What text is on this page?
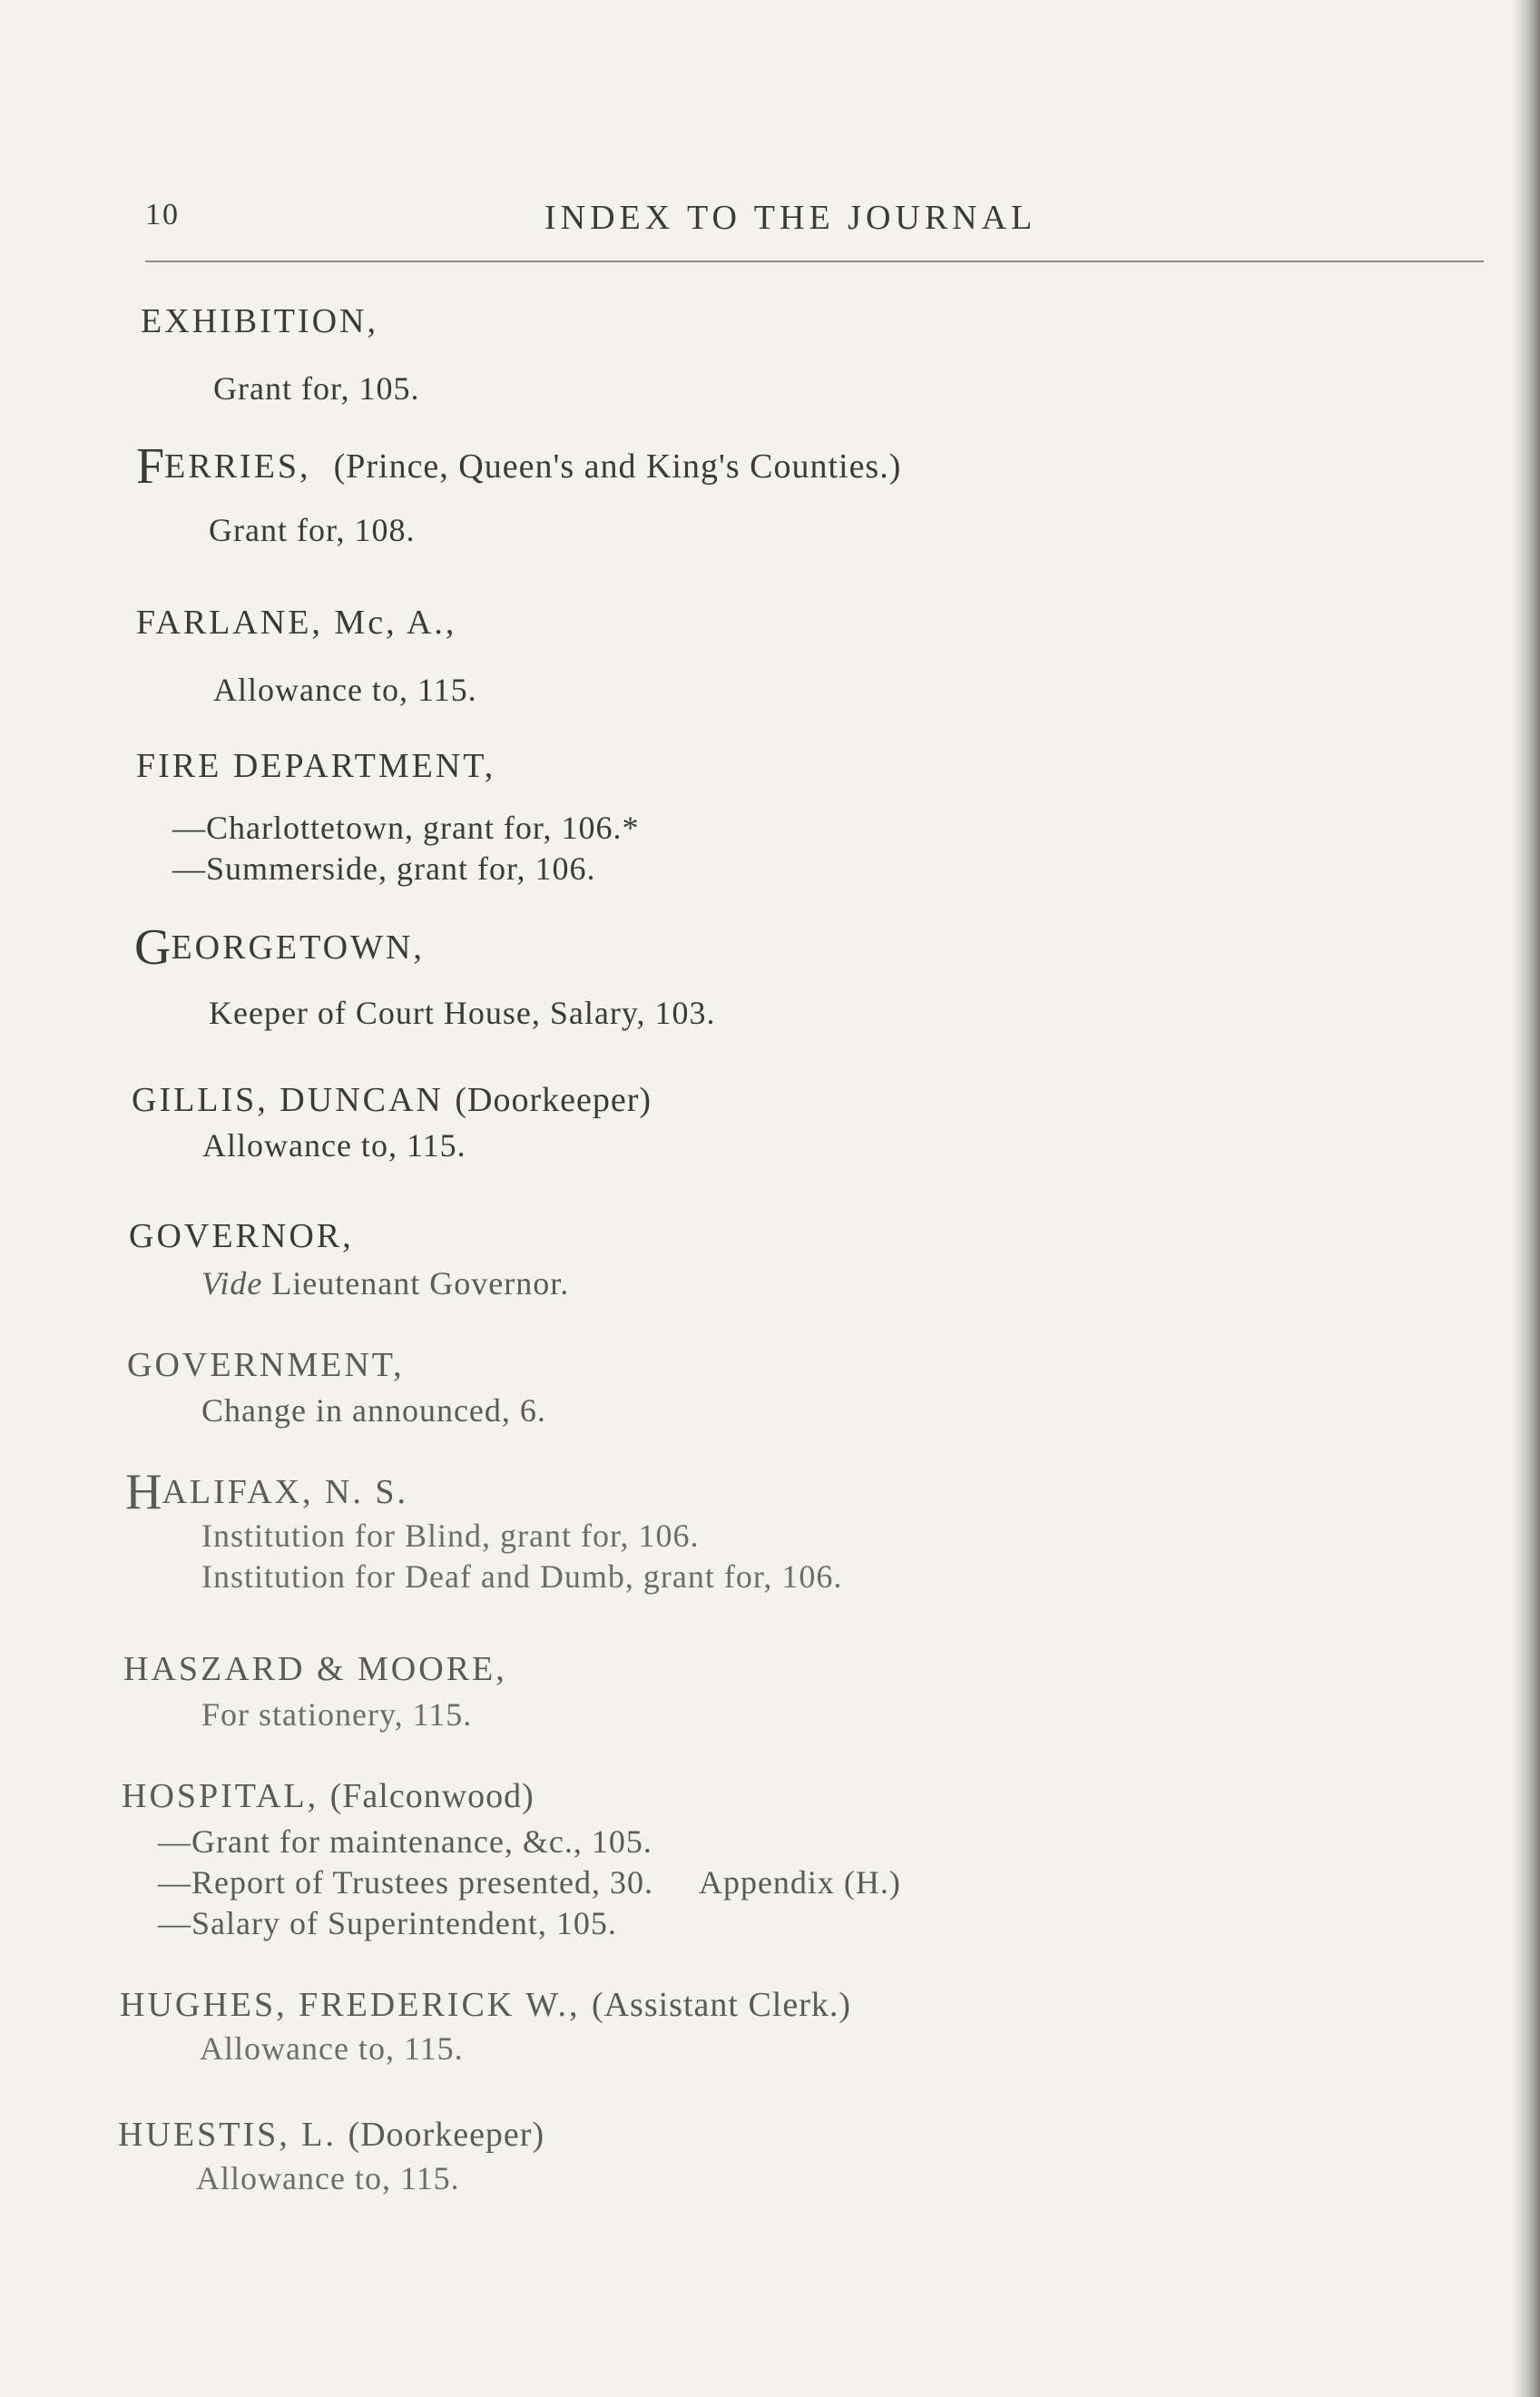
10	INDEX TO THE JOURNAL
EXHIBITION,
Grant for, 105.
FERRIES, (Prince, Queen's and King's Counties.)
Grant for, 108.
FARLANE, Mc, A.,
Allowance to, 115.
FIRE DEPARTMENT,
—Charlottetown, grant for, 106.*
—Summerside, grant for, 106.
GEORGETOWN,
Keeper of Court House, Salary, 103.
GILLIS, DUNCAN (Doorkeeper)
Allowance to, 115.
GOVERNOR,
Vide Lieutenant Governor.
GOVERNMENT,
Change in announced, 6.
HALIFAX, N. S.
Institution for Blind, grant for, 106.
Institution for Deaf and Dumb, grant for, 106.
HASZARD & MOORE,
For stationery, 115.
HOSPITAL, (Falconwood)
—Grant for maintenance, &c., 105.
—Report of Trustees presented, 30. Appendix (H.)
—Salary of Superintendent, 105.
HUGHES, FREDERICK W., (Assistant Clerk.)
Allowance to, 115.
HUESTIS, L. (Doorkeeper)
Allowance to, 115.
